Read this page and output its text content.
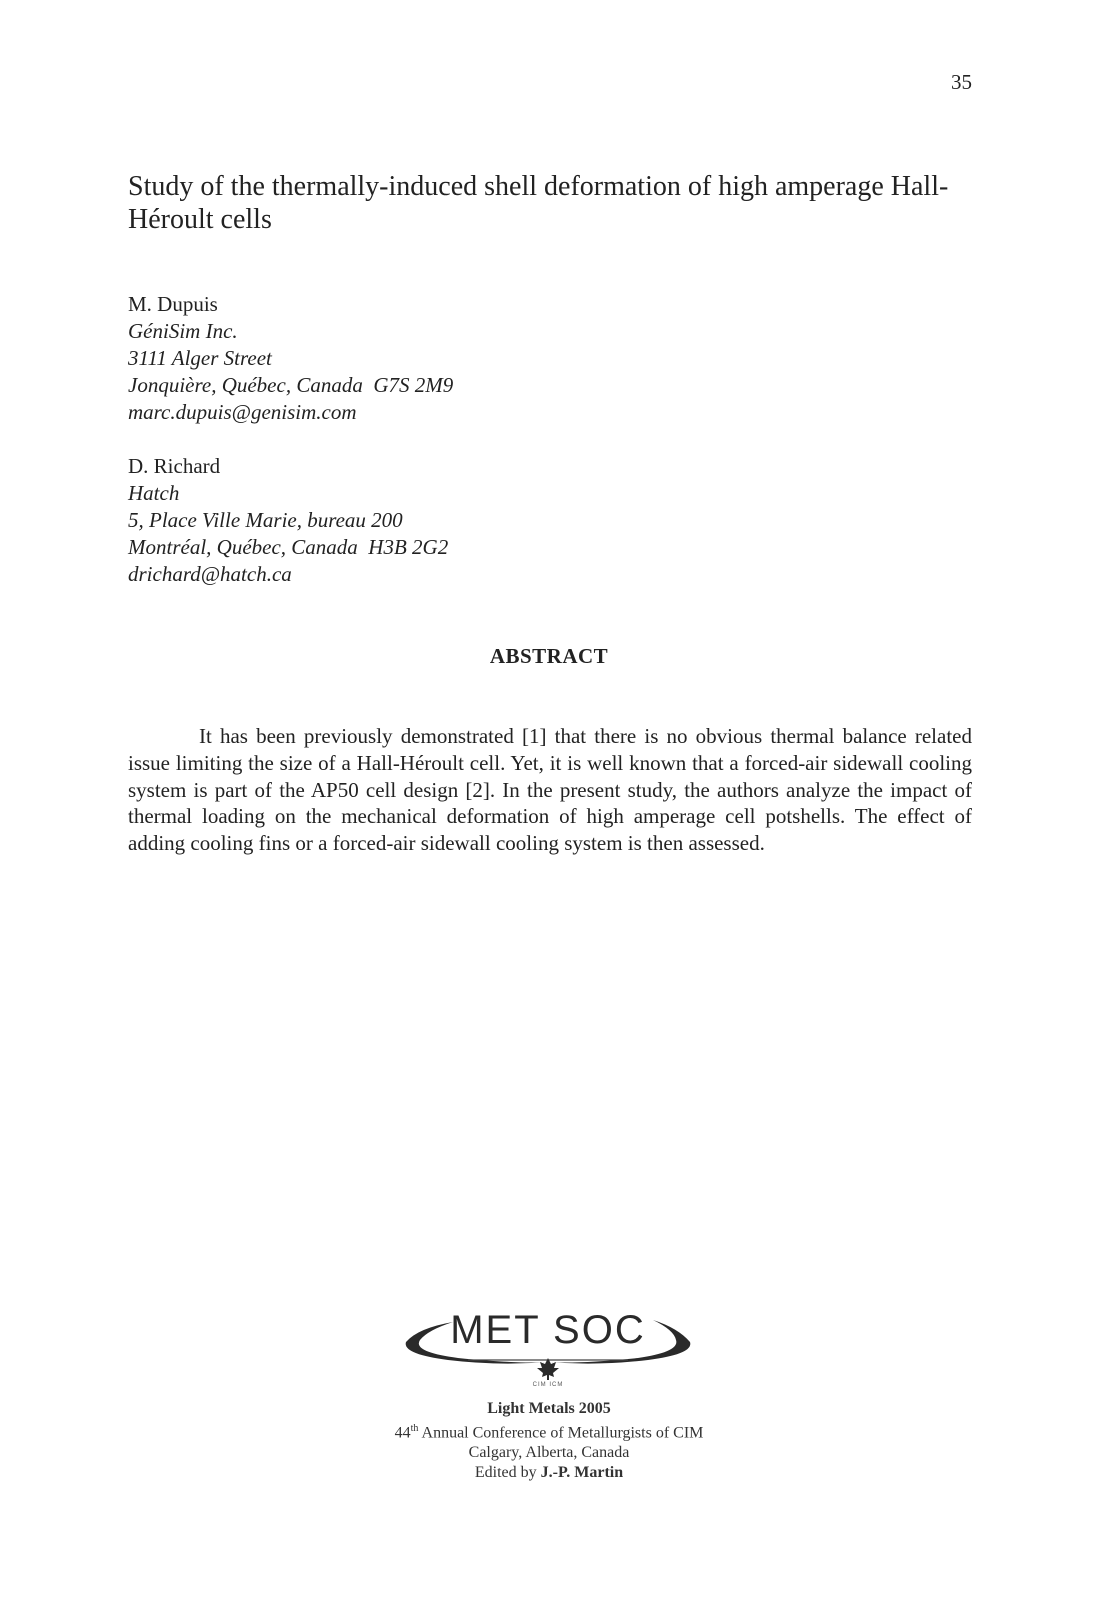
35
Study of the thermally-induced shell deformation of high amperage Hall-Héroult cells
M. Dupuis
GéniSim Inc.
3111 Alger Street
Jonquière, Québec, Canada  G7S 2M9
marc.dupuis@genisim.com
D. Richard
Hatch
5, Place Ville Marie, bureau 200
Montréal, Québec, Canada  H3B 2G2
drichard@hatch.ca
ABSTRACT

It has been previously demonstrated [1] that there is no obvious thermal balance related issue limiting the size of a Hall-Héroult cell. Yet, it is well known that a forced-air sidewall cooling system is part of the AP50 cell design [2]. In the present study, the authors analyze the impact of thermal loading on the mechanical deformation of high amperage cell potshells. The effect of adding cooling fins or a forced-air sidewall cooling system is then assessed.

MET SOC
CIM ICM
Light Metals 2005
44th Annual Conference of Metallurgists of CIM
Calgary, Alberta, Canada
Edited by J.-P. Martin
